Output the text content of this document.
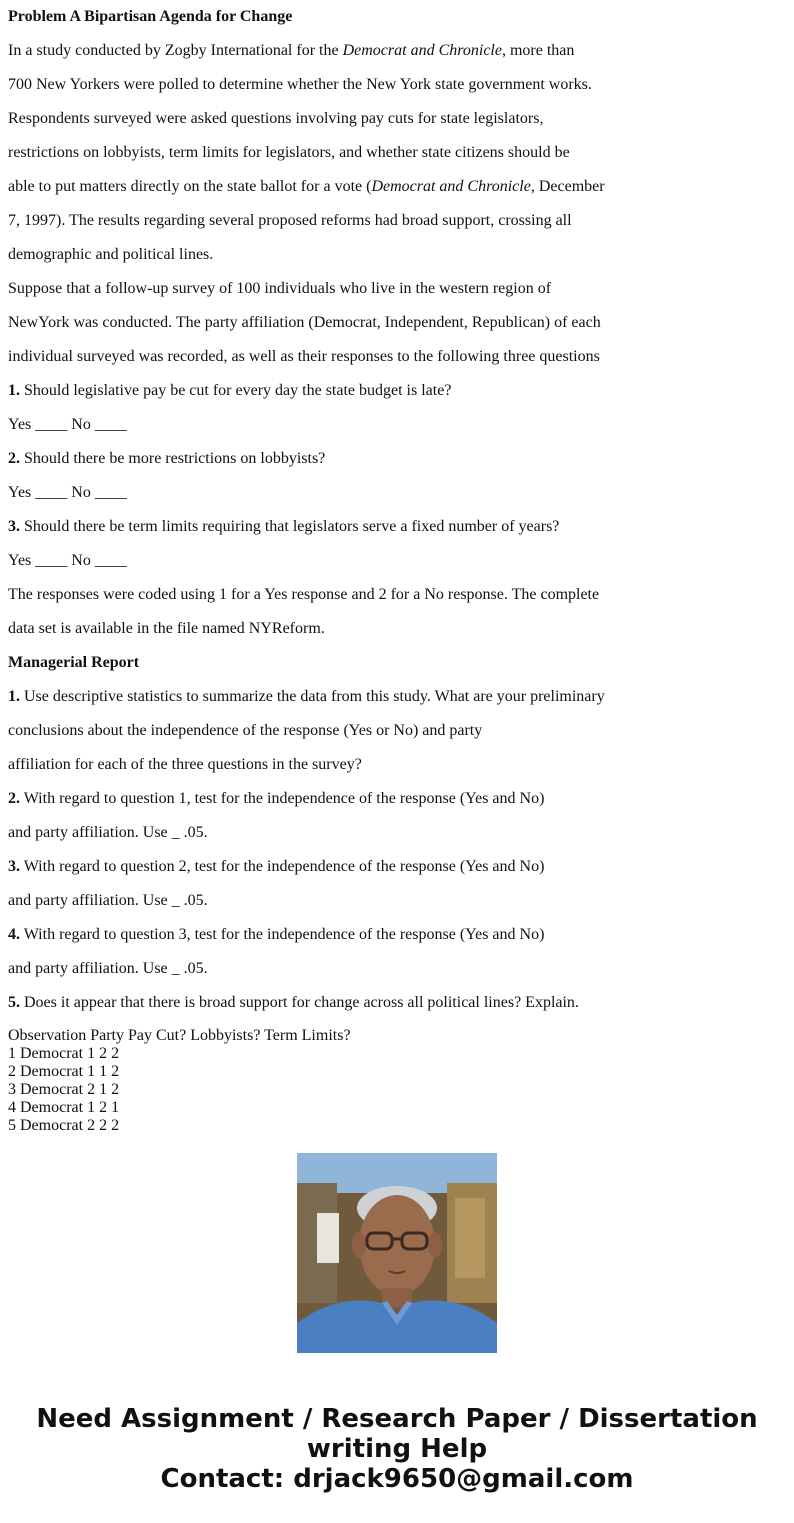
Problem A Bipartisan Agenda for Change
In a study conducted by Zogby International for the Democrat and Chronicle, more than
700 New Yorkers were polled to determine whether the New York state government works.
Respondents surveyed were asked questions involving pay cuts for state legislators,
restrictions on lobbyists, term limits for legislators, and whether state citizens should be
able to put matters directly on the state ballot for a vote (Democrat and Chronicle, December
7, 1997). The results regarding several proposed reforms had broad support, crossing all
demographic and political lines.
Suppose that a follow-up survey of 100 individuals who live in the western region of
NewYork was conducted. The party affiliation (Democrat, Independent, Republican) of each
individual surveyed was recorded, as well as their responses to the following three questions
1. Should legislative pay be cut for every day the state budget is late?
Yes ____ No ____
2. Should there be more restrictions on lobbyists?
Yes ____ No ____
3. Should there be term limits requiring that legislators serve a fixed number of years?
Yes ____ No ____
The responses were coded using 1 for a Yes response and 2 for a No response. The complete
data set is available in the file named NYReform.
Managerial Report
1. Use descriptive statistics to summarize the data from this study. What are your preliminary
conclusions about the independence of the response (Yes or No) and party
affiliation for each of the three questions in the survey?
2. With regard to question 1, test for the independence of the response (Yes and No)
and party affiliation. Use _ .05.
3. With regard to question 2, test for the independence of the response (Yes and No)
and party affiliation. Use _ .05.
4. With regard to question 3, test for the independence of the response (Yes and No)
and party affiliation. Use _ .05.
5. Does it appear that there is broad support for change across all political lines? Explain.
Observation Party Pay Cut? Lobbyists? Term Limits?
1 Democrat 1 2 2
2 Democrat 1 1 2
3 Democrat 2 1 2
4 Democrat 1 2 1
5 Democrat 2 2 2
Need Assignment / Research Paper / Dissertation
writing Help
Contact: drjack9650@gmail.com
